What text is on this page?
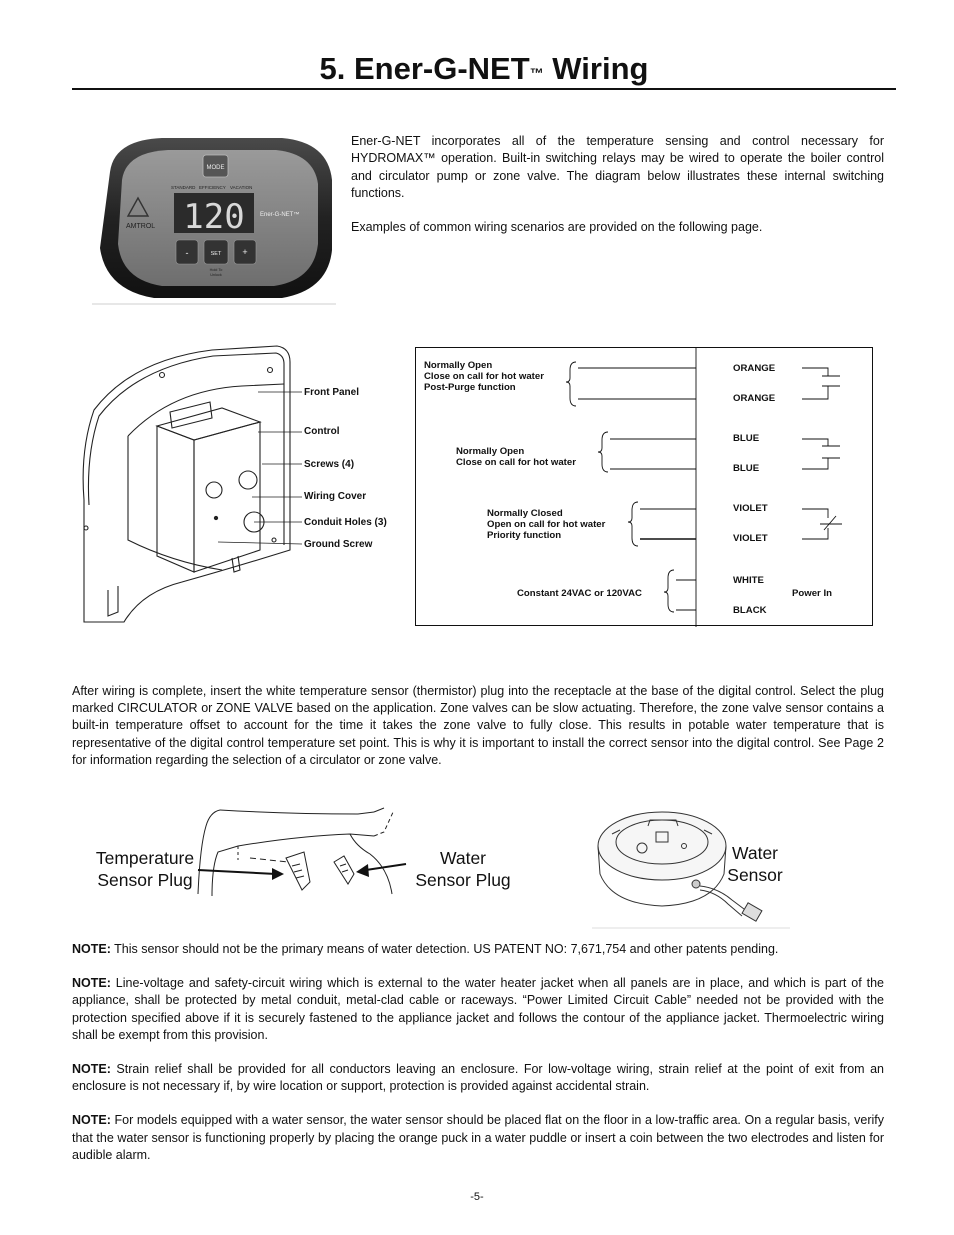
5. Ener-G-NET™ Wiring
MODE
STANDARD EFFICIENCY VACATION
120
AMTROL
Ener-G-NET™
-	SET +
Hold To
Unlock

Ener-G-NET incorporates all of the temperature sensing and control necessary for HYDROMAX™ operation. Built-in switching relays may be wired to operate the boiler control and circulator pump or zone valve. The diagram below illustrates these internal switching functions.

Examples of common wiring scenarios are provided on the following page.

Front Panel
Control
Screws (4)
Wiring Cover
Conduit Holes (3)
Ground Screw
Normally Open
Close on call for hot water
Post-Purge function
Normally Open
Close on call for hot water
Normally Closed
Open on call for hot water
Priority function
Constant 24VAC or 120VAC
ORANGE
ORANGE
BLUE
BLUE
VIOLET
VIOLET
WHITE
BLACK
Power In
After wiring is complete, insert the white temperature sensor (thermistor) plug into the receptacle at the base of the digital control. Select the plug marked CIRCULATOR or ZONE VALVE based on the application. Zone valves can be slow actuating. Therefore, the zone valve sensor contains a built-in temperature offset to account for the time it takes the zone valve to fully close. This results in potable water temperature that is representative of the digital control temperature set point. This is why it is important to install the correct sensor into the digital control. See Page 2 for information regarding the selection of a circulator or zone valve.
Temperature
Sensor Plug
Water
Sensor Plug
Water
Sensor

NOTE: This sensor should not be the primary means of water detection. US PATENT NO: 7,671,754 and other patents pending.

NOTE: Line-voltage and safety-circuit wiring which is external to the water heater jacket when all panels are in place, and which is part of the appliance, shall be protected by metal conduit, metal-clad cable or raceways. “Power Limited Circuit Cable” needed not be provided with the protection specified above if it is securely fastened to the appliance jacket and follows the contour of the appliance jacket. Thermoelectric wiring shall be exempt from this provision.

NOTE: Strain relief shall be provided for all conductors leaving an enclosure. For low-voltage wiring, strain relief at the point of exit from an enclosure is not necessary if, by wire location or support, protection is provided against accidental strain.

NOTE: For models equipped with a water sensor, the water sensor should be placed flat on the floor in a low-traffic area. On a regular basis, verify that the water sensor is functioning properly by placing the orange puck in a water puddle or insert a coin between the two electrodes and listen for audible alarm.

-5-
